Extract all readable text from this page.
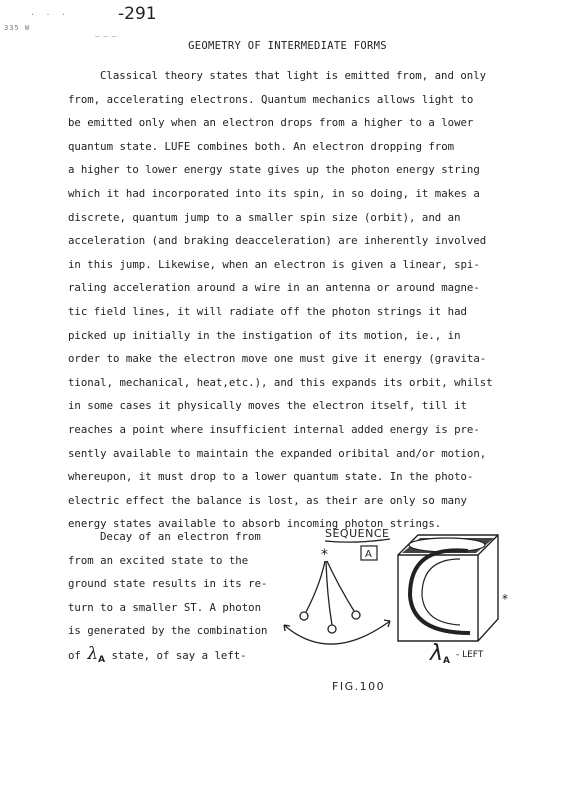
· · ·
335 W
-291
‒ ‒ ‒
GEOMETRY OF INTERMEDIATE FORMS
Classical theory states that light is emitted from, and only
from, accelerating electrons. Quantum mechanics allows light to
be emitted only when an electron drops from a higher to a lower
quantum state. LUFE combines both. An electron dropping from
a higher to lower energy state gives up the photon energy string
which it had incorporated into its spin, in so doing, it makes a
discrete, quantum jump to a smaller spin size (orbit), and an
acceleration (and braking deacceleration) are inherently involved
in this jump. Likewise, when an electron is given a linear, spi-
raling acceleration around a wire in an antenna or around magne-
tic field lines, it will radiate off the photon strings it had
picked up initially in the instigation of its motion, ie., in
order to make the electron move one must give it energy (gravita-
tional, mechanical, heat,etc.), and this expands its orbit, whilst
in some cases it physically moves the electron itself, till it
reaches a point where insufficient internal added energy is pre-
sently available to maintain the expanded oribital and/or motion,
whereupon, it must drop to a lower quantum state. In the photo-
electric effect the balance is lost, as their are only so many
energy states available to absorb incoming photon strings.
Decay of an electron from
from an excited state to the
ground state results in its re-
turn to a smaller ST. A photon
is generated by the combination
of $\lambda_A$ state, of say a left-
SEQUENCE
A
*
*
λ A
- LEFT
FIG.100
